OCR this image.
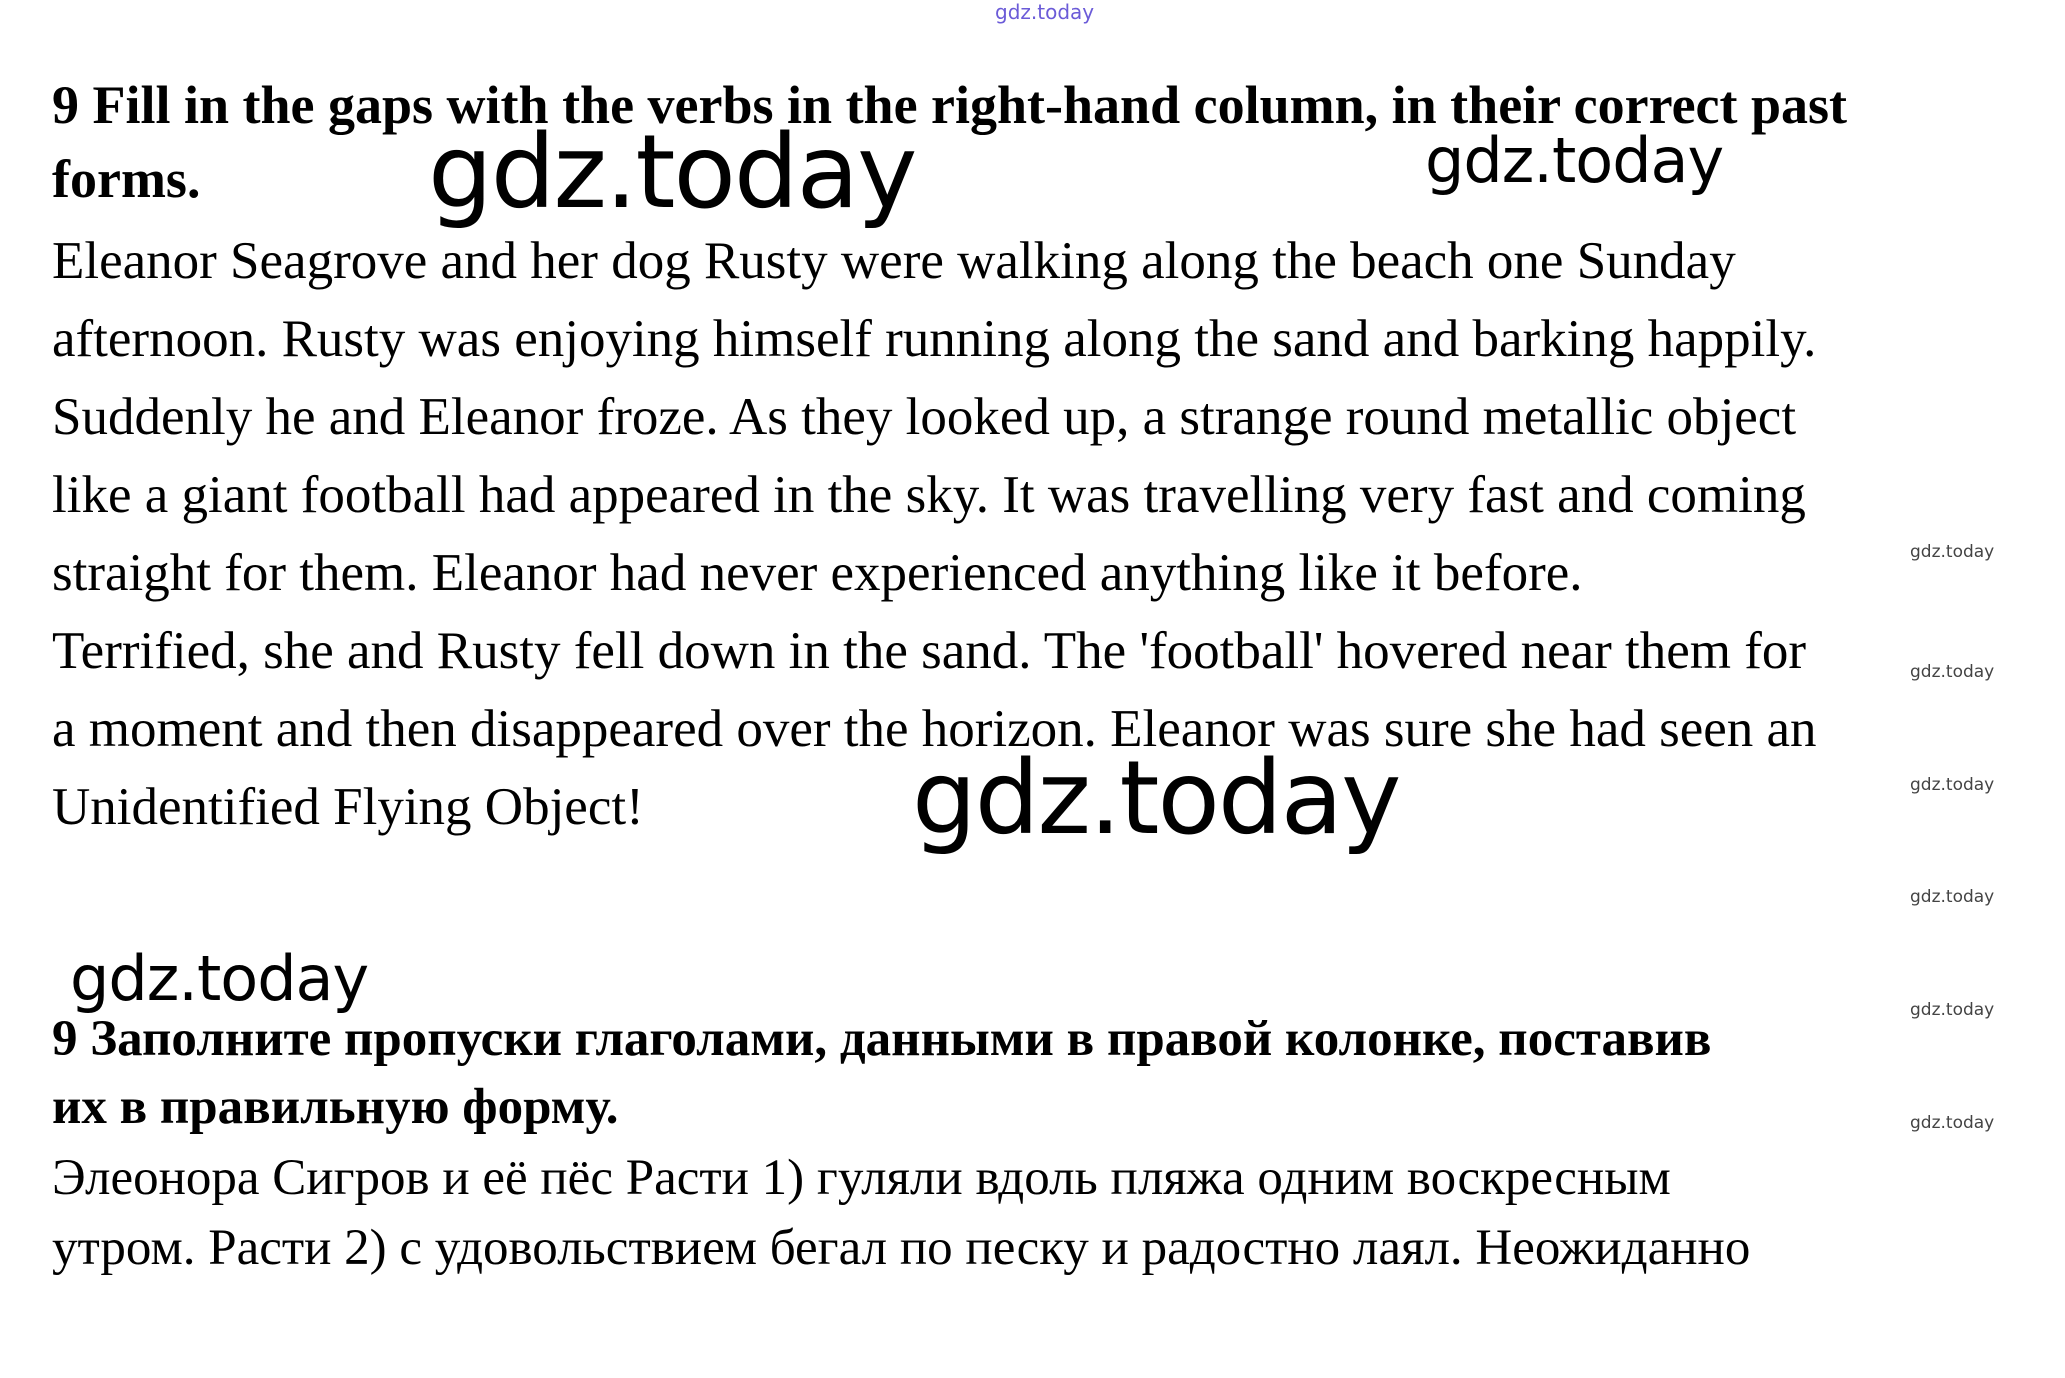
gdz.today
9 Fill in the gaps with the verbs in the right-hand column, in their correct past
forms.	gdz.today	gdz.today

Eleanor Seagrove and her dog Rusty were walking along the beach one Sunday
afternoon. Rusty was enjoying himself running along the sand and barking happily.
Suddenly he and Eleanor froze. As they looked up, a strange round metallic object
like a giant football had appeared in the sky. It was travelling very fast and coming
straight for them. Eleanor had never experienced anything like it before.
Terrified, she and Rusty fell down in the sand. The 'football' hovered near them for
a moment and then disappeared over the horizon. Eleanor was sure she had seen an
Unidentified Flying Object!	gdz.today
gdz.today
gdz.today
gdz.today
gdz.today
gdz.today
gdz.today
gdz.today
9 Заполните пропуски глаголами, данными в правой колонке, поставив
их в правильную форму.

Элеонора Сигров и её пёс Расти 1) гуляли вдоль пляжа одним воскресным
утром. Расти 2) с удовольствием бегал по песку и радостно лаял. Неожиданно
